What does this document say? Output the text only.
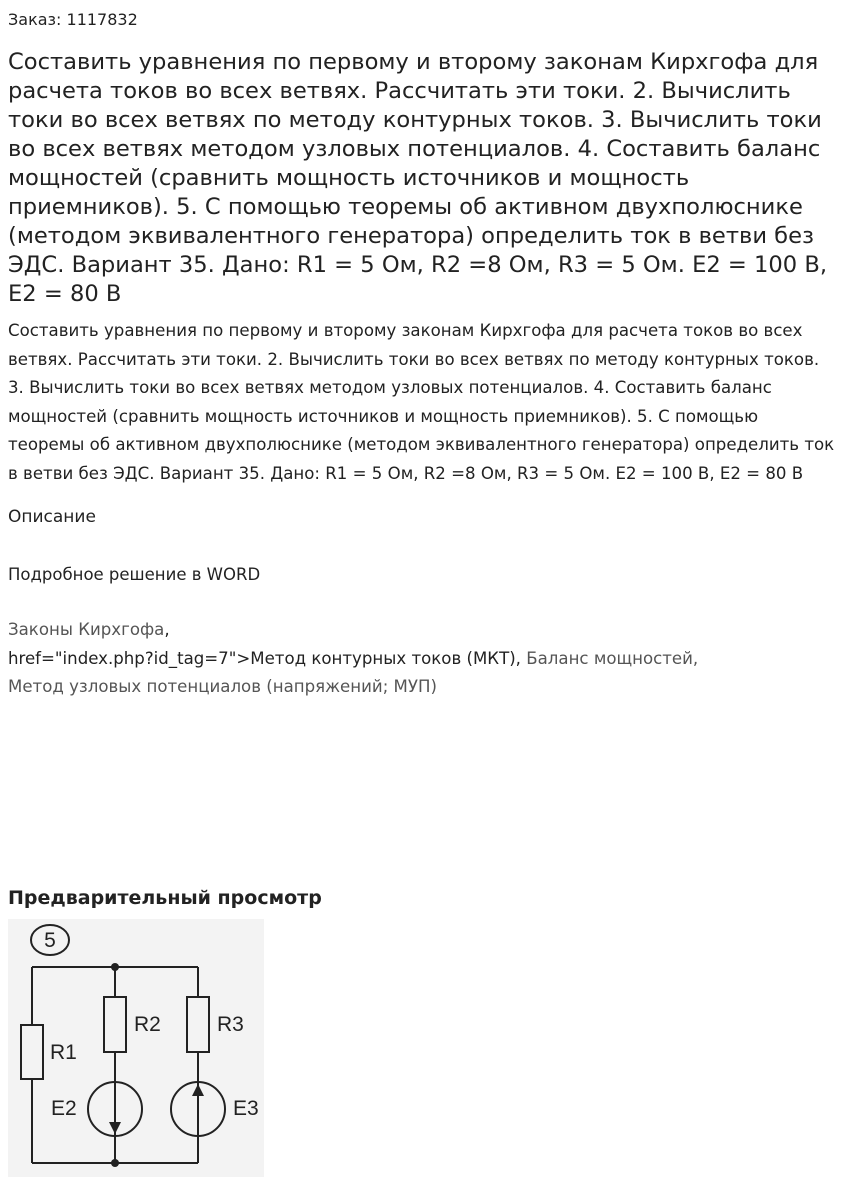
Заказ: 1117832
Составить уравнения по первому и второму законам Кирхгофа для расчета токов во всех ветвях. Рассчитать эти токи. 2. Вычислить токи во всех ветвях по методу контурных токов. 3. Вычислить токи во всех ветвях методом узловых потенциалов. 4. Составить баланс мощностей (сравнить мощность источников и мощность приемников). 5. С помощью теоремы об активном двухполюснике (методом эквивалентного генератора) определить ток в ветви без ЭДС. Вариант 35. Дано: R1 = 5 Ом, R2 =8 Ом, R3 = 5 Ом. E2 = 100 В, E2 = 80 В
Составить уравнения по первому и второму законам Кирхгофа для расчета токов во всех ветвях. Рассчитать эти токи. 2. Вычислить токи во всех ветвях по методу контурных токов. 3. Вычислить токи во всех ветвях методом узловых потенциалов. 4. Составить баланс мощностей (сравнить мощность источников и мощность приемников). 5. С помощью теоремы об активном двухполюснике (методом эквивалентного генератора) определить ток в ветви без ЭДС. Вариант 35. Дано: R1 = 5 Ом, R2 =8 Ом, R3 = 5 Ом. E2 = 100 В, E2 = 80 В
Описание
Подробное решение в WORD
Законы Кирхгофа,
href="index.php?id_tag=7">Метод контурных токов (МКТ), Баланс мощностей,
Метод узловых потенциалов (напряжений; МУП)
Предварительный просмотр
5
R1
R2	R3
E2	E3
